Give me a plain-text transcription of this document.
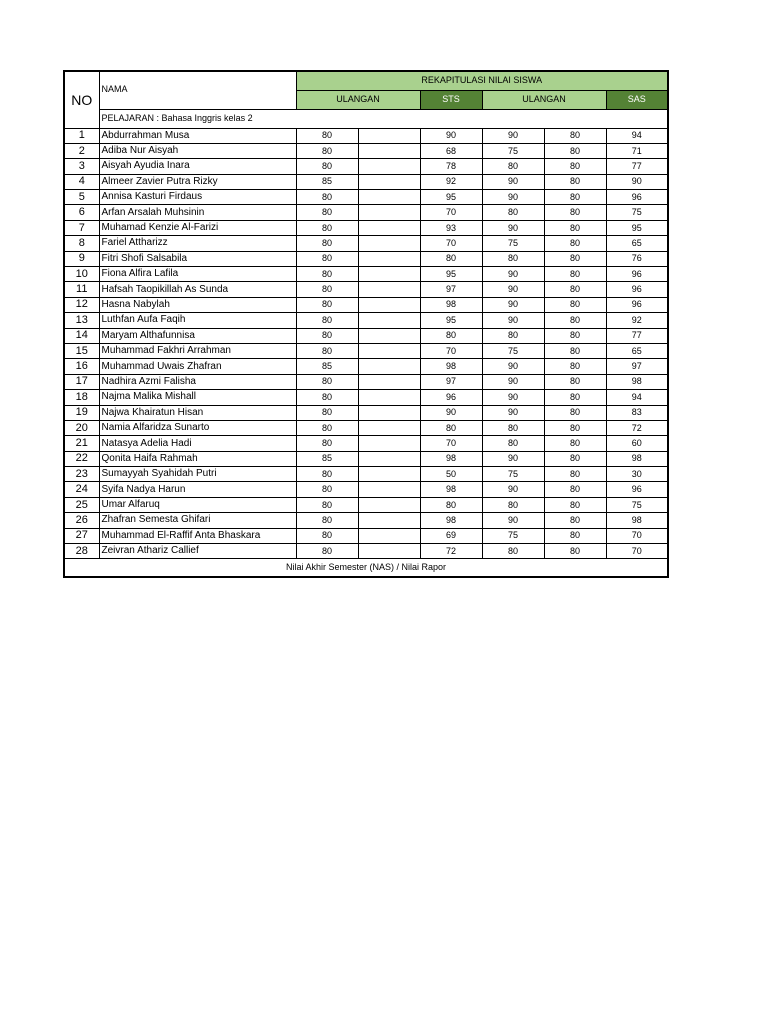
NO	NAMA	REKAPITULASI NILAI SISWA					
		ULANGAN		STS	ULANGAN		SAS
	PELAJARAN : Bahasa Inggris kelas 2						
1	Abdurrahman Musa	80		90	90	80	94
2	Adiba Nur Aisyah	80		68	75	80	71
3	Aisyah Ayudia Inara	80		78	80	80	77
4	Almeer Zavier Putra Rizky	85		92	90	80	90
5	Annisa Kasturi Firdaus	80		95	90	80	96
6	Arfan Arsalah Muhsinin	80		70	80	80	75
7	Muhamad Kenzie Al-Farizi	80		93	90	80	95
8	Fariel Attharizz	80		70	75	80	65
9	Fitri Shofi Salsabila	80		80	80	80	76
10	Fiona Alfira Lafila	80		95	90	80	96
11	Hafsah Taopikillah As Sunda	80		97	90	80	96
12	Hasna Nabylah	80		98	90	80	96
13	Luthfan Aufa Faqih	80		95	90	80	92
14	Maryam Althafunnisa	80		80	80	80	77
15	Muhammad Fakhri Arrahman	80		70	75	80	65
16	Muhammad Uwais Zhafran	85		98	90	80	97
17	Nadhira Azmi Falisha	80		97	90	80	98
18	Najma Malika Mishall	80		96	90	80	94
19	Najwa Khairatun Hisan	80		90	90	80	83
20	Namia Alfaridza Sunarto	80		80	80	80	72
21	Natasya Adelia Hadi	80		70	80	80	60
22	Qonita Haifa Rahmah	85		98	90	80	98
23	Sumayyah Syahidah Putri	80		50	75	80	30
24	Syifa Nadya Harun	80		98	90	80	96
25	Umar Alfaruq	80		80	80	80	75
26	Zhafran Semesta Ghifari	80		98	90	80	98
27	Muhammad El-Raffif Anta Bhaskara	80		69	75	80	70
28	Zeivran Athariz Callief	80		72	80	80	70
Nilai Akhir Semester (NAS) / Nilai Rapor							
